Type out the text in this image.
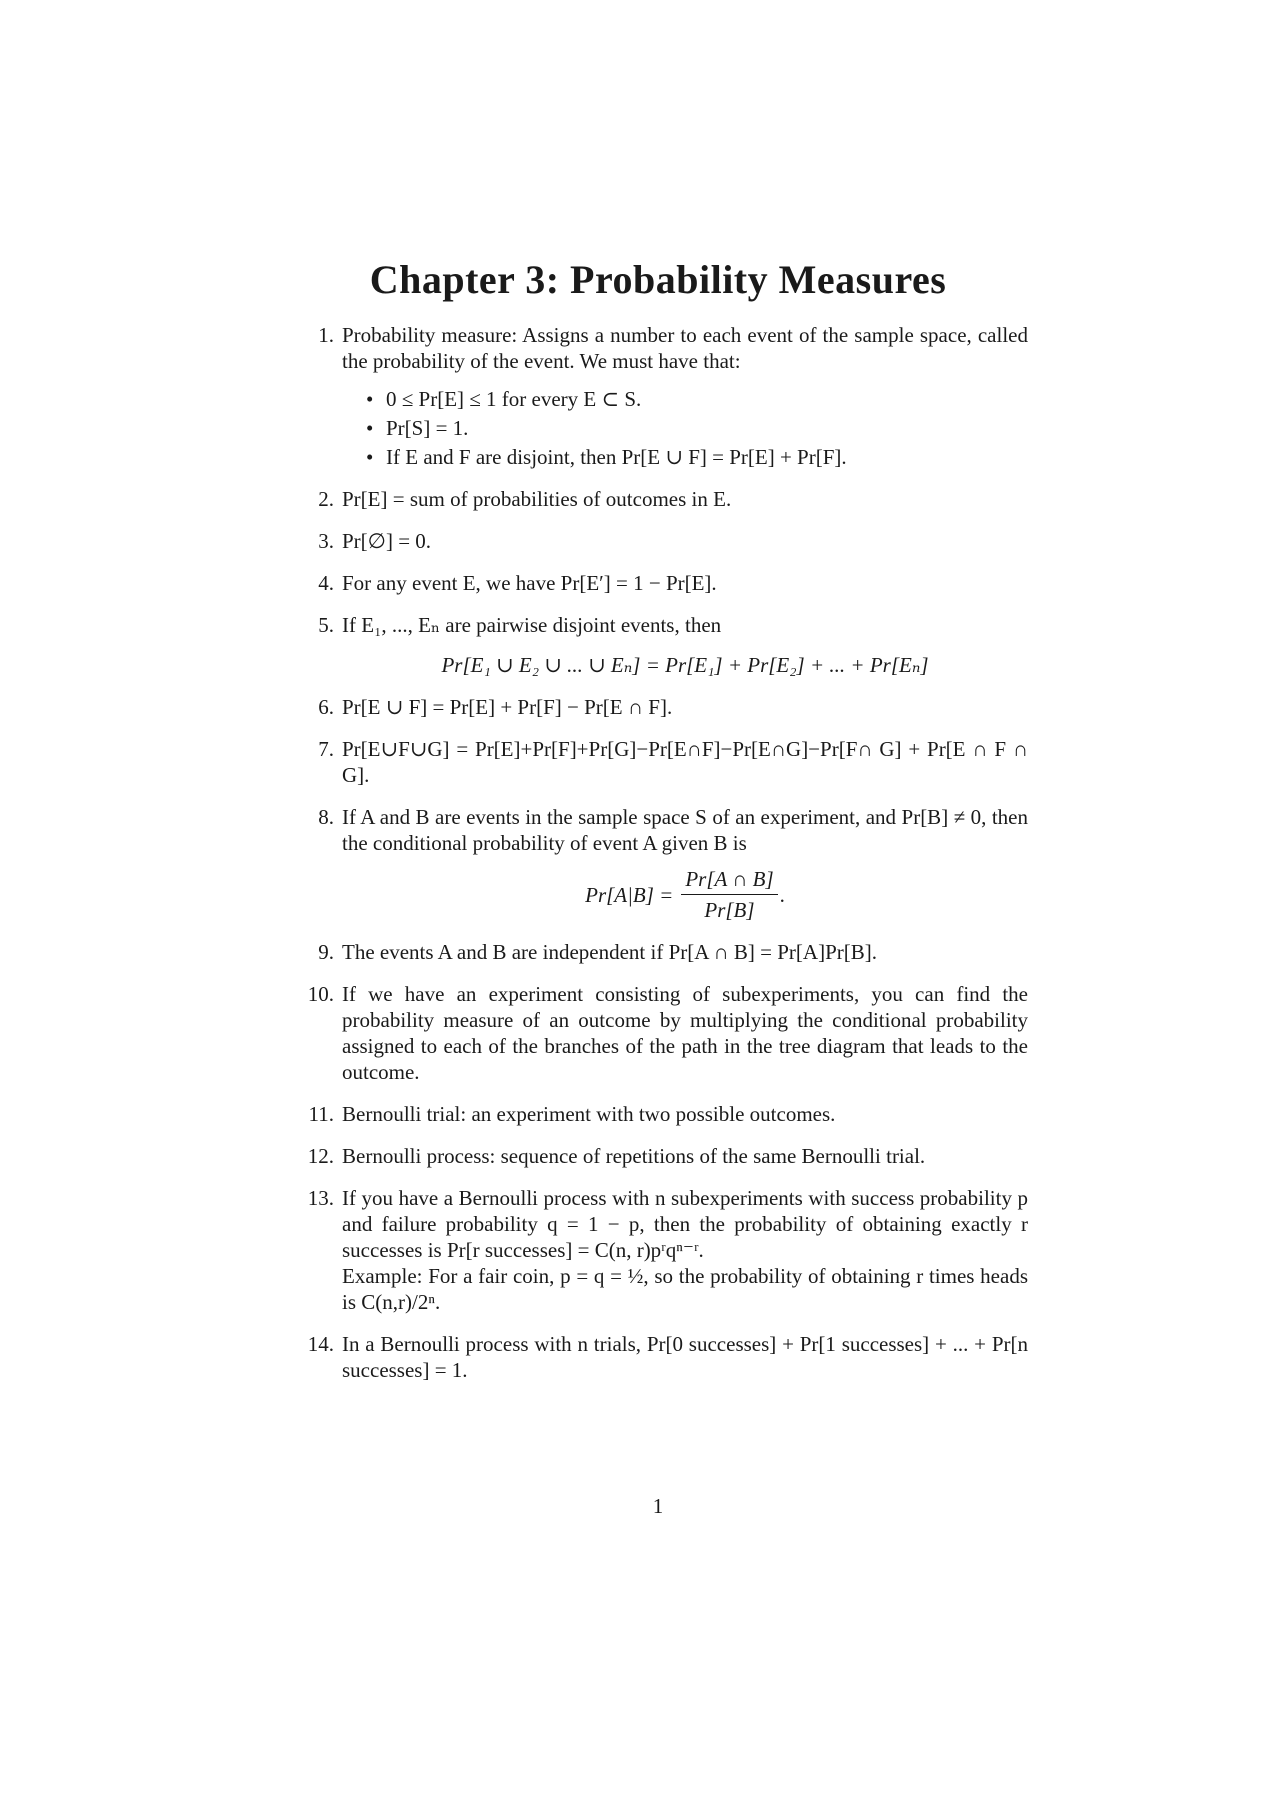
Chapter 3: Probability Measures
1. Probability measure: Assigns a number to each event of the sample space, called the probability of the event. We must have that:
• 0 ≤ Pr[E] ≤ 1 for every E ⊂ S.
• Pr[S] = 1.
• If E and F are disjoint, then Pr[E ∪ F] = Pr[E] + Pr[F].
2. Pr[E] = sum of probabilities of outcomes in E.
3. Pr[∅] = 0.
4. For any event E, we have Pr[E′] = 1 − Pr[E].
5. If E₁, ..., Eₙ are pairwise disjoint events, then
Pr[E₁ ∪ E₂ ∪ ... ∪ Eₙ] = Pr[E₁] + Pr[E₂] + ... + Pr[Eₙ]
6. Pr[E ∪ F] = Pr[E] + Pr[F] − Pr[E ∩ F].
7. Pr[E∪F∪G] = Pr[E]+Pr[F]+Pr[G]−Pr[E∩F]−Pr[E∩G]−Pr[F∩ G] + Pr[E ∩ F ∩ G].
8. If A and B are events in the sample space S of an experiment, and Pr[B] ≠ 0, then the conditional probability of event A given B is
$Pr[A|B] = \frac{Pr[A \cap B]}{Pr[B]}$ .
9. The events A and B are independent if Pr[A ∩ B] = Pr[A]Pr[B].
10. If we have an experiment consisting of subexperiments, you can find the probability measure of an outcome by multiplying the conditional probability assigned to each of the branches of the path in the tree diagram that leads to the outcome.
11. Bernoulli trial: an experiment with two possible outcomes.
12. Bernoulli process: sequence of repetitions of the same Bernoulli trial.
13. If you have a Bernoulli process with n subexperiments with success probability p and failure probability q = 1 − p, then the probability of obtaining exactly r successes is Pr[r successes] = C(n, r)pʳqⁿ⁻ʳ.
Example: For a fair coin, p = q = ½, so the probability of obtaining r times heads is C(n,r)/2ⁿ.
14. In a Bernoulli process with n trials, Pr[0 successes] + Pr[1 successes] + ... + Pr[n successes] = 1.
1
